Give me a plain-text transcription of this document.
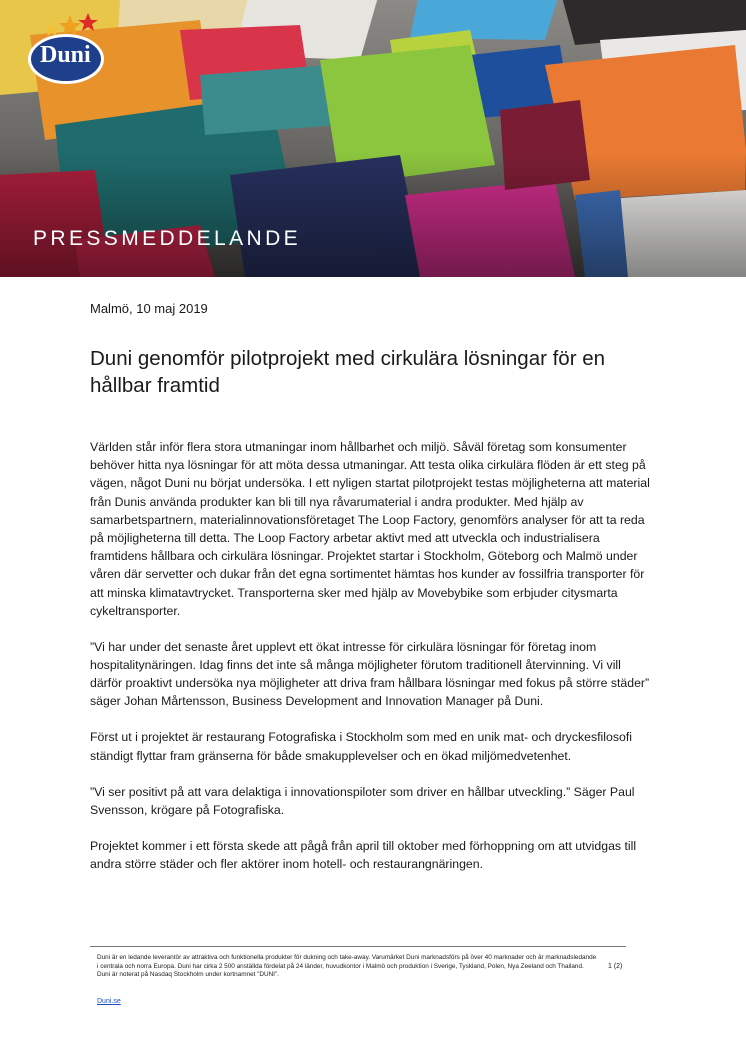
Duni
PRESSMEDDELANDE
Malmö, 10 maj 2019
Duni genomför pilotprojekt med cirkulära lösningar för en hållbar framtid

Världen står inför flera stora utmaningar inom hållbarhet och miljö. Såväl företag som konsumenter behöver hitta nya lösningar för att möta dessa utmaningar. Att testa olika cirkulära flöden är ett steg på vägen, något Duni nu börjat undersöka. I ett nyligen startat pilotprojekt testas möjligheterna att material från Dunis använda produkter kan bli till nya råvarumaterial i andra produkter. Med hjälp av samarbetspartnern, materialinnovationsföretaget The Loop Factory, genomförs analyser för att ta reda på möjligheterna till detta. The Loop Factory arbetar aktivt med att utveckla och industrialisera framtidens hållbara och cirkulära lösningar. Projektet startar i Stockholm, Göteborg och Malmö under våren där servetter och dukar från det egna sortimentet hämtas hos kunder av fossilfria transporter för att minska klimatavtrycket. Transporterna sker med hjälp av Movebybike som erbjuder citysmarta cykeltransporter.

”Vi har under det senaste året upplevt ett ökat intresse för cirkulära lösningar för företag inom hospitalitynäringen. Idag finns det inte så många möjligheter förutom traditionell återvinning. Vi vill därför proaktivt undersöka nya möjligheter att driva fram hållbara lösningar med fokus på större städer” säger Johan Mårtensson, Business Development and Innovation Manager på Duni.

Först ut i projektet är restaurang Fotografiska i Stockholm som med en unik mat- och dryckesfilosofi ständigt flyttar fram gränserna för både smakupplevelser och en ökad miljömedvetenhet.

”Vi ser positivt på att vara delaktiga i innovationspiloter som driver en hållbar utveckling.” Säger Paul Svensson, krögare på Fotografiska.

Projektet kommer i ett första skede att pågå från april till oktober med förhoppning om att utvidgas till andra större städer och fler aktörer inom hotell- och restaurangnäringen.

Duni är en ledande leverantör av attraktiva och funktionella produkter för dukning och take-away. Varumärket Duni marknadsförs på över 40 marknader och är marknadsledande i centrala och norra Europa. Duni har cirka 2 500 anställda fördelat på 24 länder, huvudkontor i Malmö och produktion i Sverige, Tyskland, Polen, Nya Zeeland och Thailand. Duni är noterat på Nasdaq Stockholm under kortnamnet ”DUNI”.
1 (2)
Duni.se
